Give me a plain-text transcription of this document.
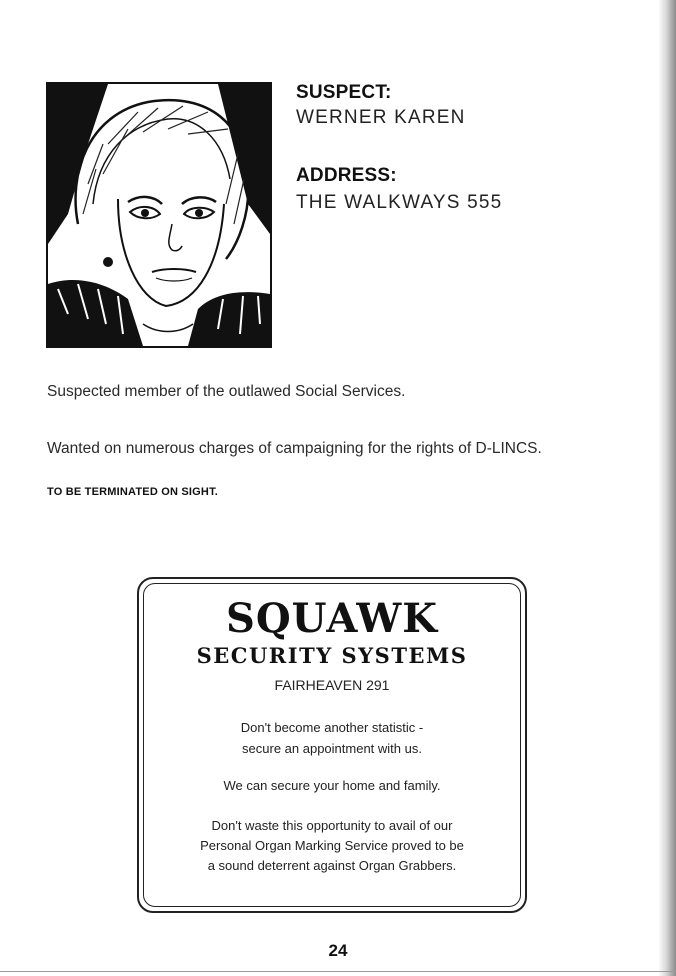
SUSPECT:
WERNER KAREN
ADDRESS:
THE WALKWAYS 555
Suspected member of the outlawed Social Services.
Wanted on numerous charges of campaigning for the rights of D-LINCS.
TO BE TERMINATED ON SIGHT.
SQUAWK
SECURITY SYSTEMS
FAIRHEAVEN 291
Don't become another statistic -
secure an appointment with us.
We can secure your home and family.
Don't waste this opportunity to avail of our
Personal Organ Marking Service proved to be
a sound deterrent against Organ Grabbers.
24
